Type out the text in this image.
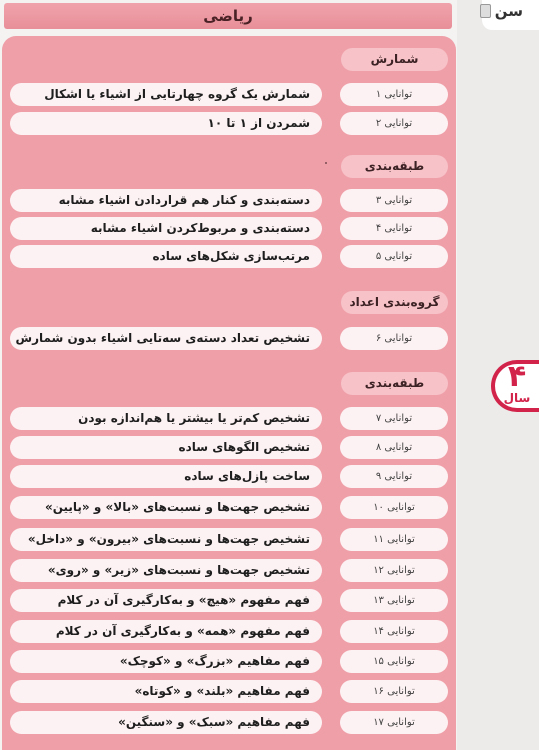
سن
۴
سال
ریاضی
شمارش
شمارش یک گروه چهارتایی از اشیاء یا اشکال	توانایی ۱
شمردن از ۱ تا ۱۰	توانایی ۲
طبقه‌بندی
دسته‌بندی و کنار هم قراردادن اشیاء مشابه	توانایی ۳
دسته‌بندی و مربوط‌کردن اشیاء مشابه	توانایی ۴
مرتب‌سازی شکل‌های ساده	توانایی ۵
گروه‌بندی اعداد
تشخیص تعداد دسته‌ی سه‌تایی اشیاء بدون شمارش	توانایی ۶
طبقه‌بندی
تشخیص کم‌تر یا بیشتر یا هم‌اندازه بودن	توانایی ۷
تشخیص الگوهای ساده	توانایی ۸
ساخت پازل‌های ساده	توانایی ۹
تشخیص جهت‌ها و نسبت‌های «بالا» و «پایین»	توانایی ۱۰
تشخیص جهت‌ها و نسبت‌های «بیرون» و «داخل»	توانایی ۱۱
تشخیص جهت‌ها و نسبت‌های «زیر» و «روی»	توانایی ۱۲
فهم مفهوم «هیچ» و به‌کارگیری آن در کلام	توانایی ۱۳
فهم مفهوم «همه» و به‌کارگیری آن در کلام	توانایی ۱۴
فهم مفاهیم «بزرگ» و «کوچک»	توانایی ۱۵
فهم مفاهیم «بلند» و «کوتاه»	توانایی ۱۶
فهم مفاهیم «سبک» و «سنگین»	توانایی ۱۷
